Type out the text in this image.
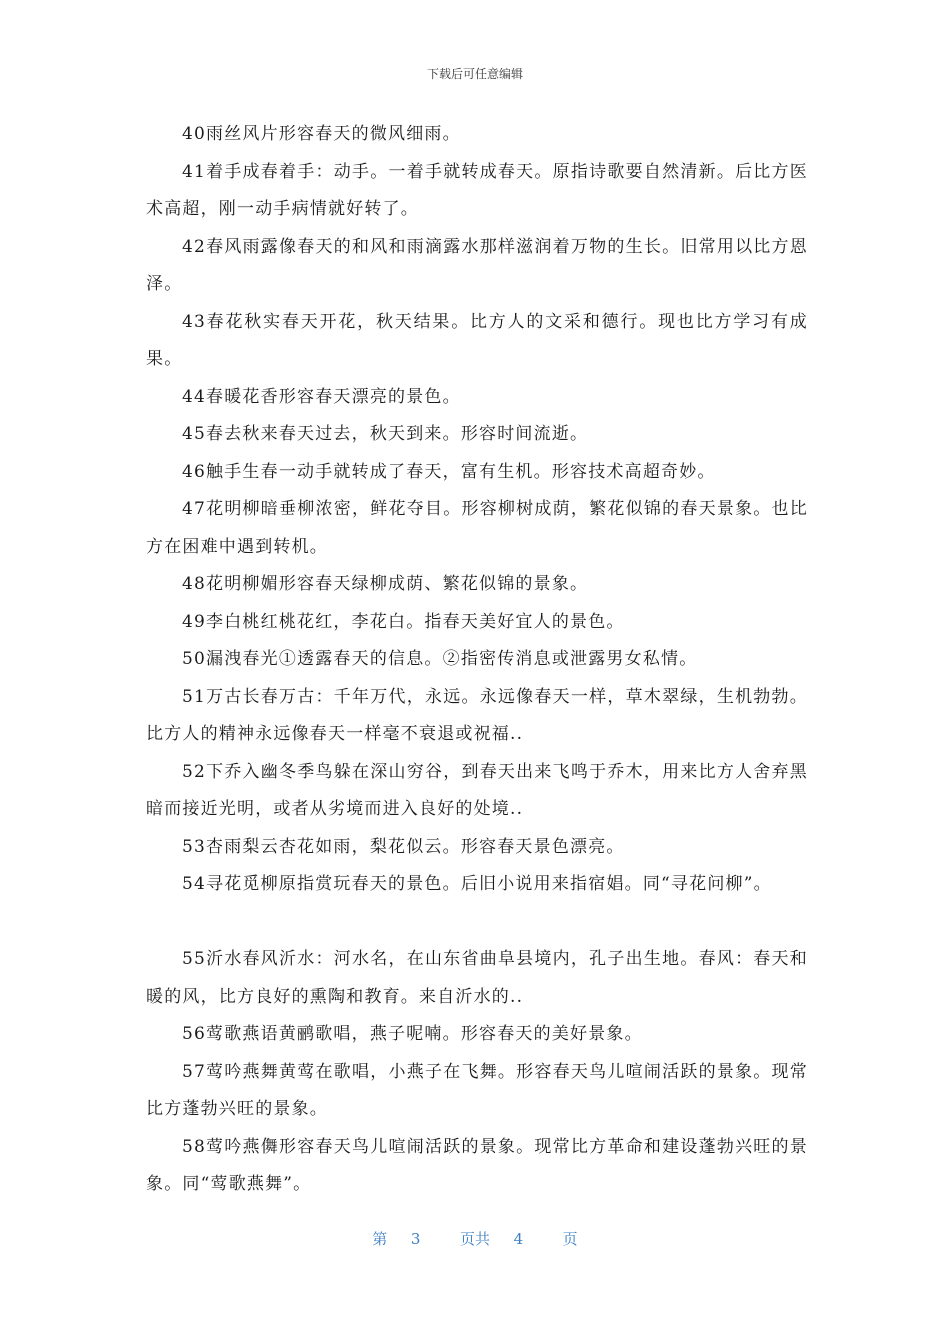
下载后可任意编辑

40雨丝风片形容春天的微风细雨。

41着手成春着手：动手。一着手就转成春天。原指诗歌要自然清新。后比方医术高超，刚一动手病情就好转了。

42春风雨露像春天的和风和雨滴露水那样滋润着万物的生长。旧常用以比方恩泽。

43春花秋实春天开花，秋天结果。比方人的文采和德行。现也比方学习有成果。

44春暖花香形容春天漂亮的景色。

45春去秋来春天过去，秋天到来。形容时间流逝。

46触手生春一动手就转成了春天，富有生机。形容技术高超奇妙。

47花明柳暗垂柳浓密，鲜花夺目。形容柳树成荫，繁花似锦的春天景象。也比方在困难中遇到转机。

48花明柳媚形容春天绿柳成荫、繁花似锦的景象。

49李白桃红桃花红，李花白。指春天美好宜人的景色。

50漏洩春光①透露春天的信息。②指密传消息或泄露男女私情。

51万古长春万古：千年万代，永远。永远像春天一样，草木翠绿，生机勃勃。比方人的精神永远像春天一样毫不衰退或祝福..

52下乔入幽冬季鸟躲在深山穷谷，到春天出来飞鸣于乔木，用来比方人舍弃黑暗而接近光明，或者从劣境而进入良好的处境..

53杏雨梨云杏花如雨，梨花似云。形容春天景色漂亮。

54寻花觅柳原指赏玩春天的景色。后旧小说用来指宿娼。同“寻花问柳”。

55沂水春风沂水：河水名，在山东省曲阜县境内，孔子出生地。春风：春天和暖的风，比方良好的熏陶和教育。来自沂水的..

56莺歌燕语黄鹂歌唱，燕子呢喃。形容春天的美好景象。

57莺吟燕舞黄莺在歌唱，小燕子在飞舞。形容春天鸟儿喧闹活跃的景象。现常比方蓬勃兴旺的景象。

58莺吟燕儛形容春天鸟儿喧闹活跃的景象。现常比方革命和建设蓬勃兴旺的景象。同“莺歌燕舞”。

第 3	页共 4	页
